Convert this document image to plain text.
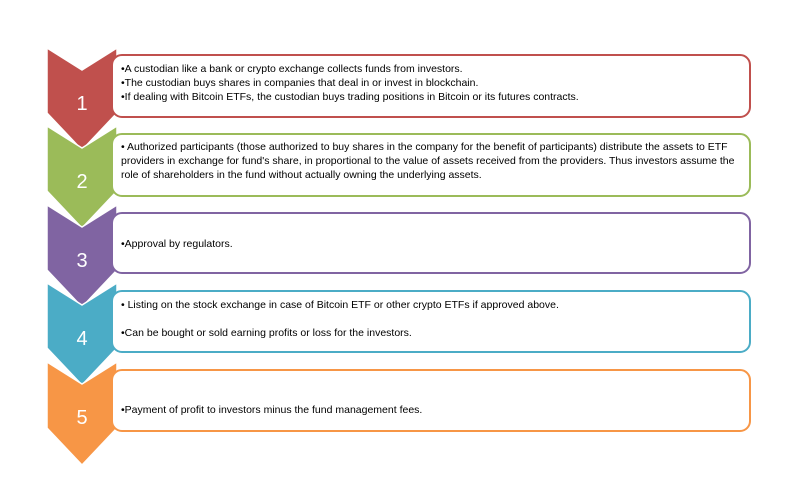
1
2
3
4
5
•A custodian like a bank or crypto exchange collects funds from investors.
•The custodian buys shares in companies that deal in or invest in blockchain.
•If dealing with Bitcoin ETFs, the custodian buys trading positions in Bitcoin or its futures contracts.
• Authorized participants (those authorized to buy shares in the company for the benefit of participants) distribute the assets to ETF providers in exchange for fund's share, in proportional to the value of assets received from the providers. Thus investors assume the role of shareholders in the fund without actually owning the underlying assets.
•Approval by regulators.
• Listing on the stock exchange in case of Bitcoin ETF or other crypto ETFs if approved above.

•Can be bought or sold earning profits or loss for the investors.
•Payment of profit to investors minus the fund management fees.
